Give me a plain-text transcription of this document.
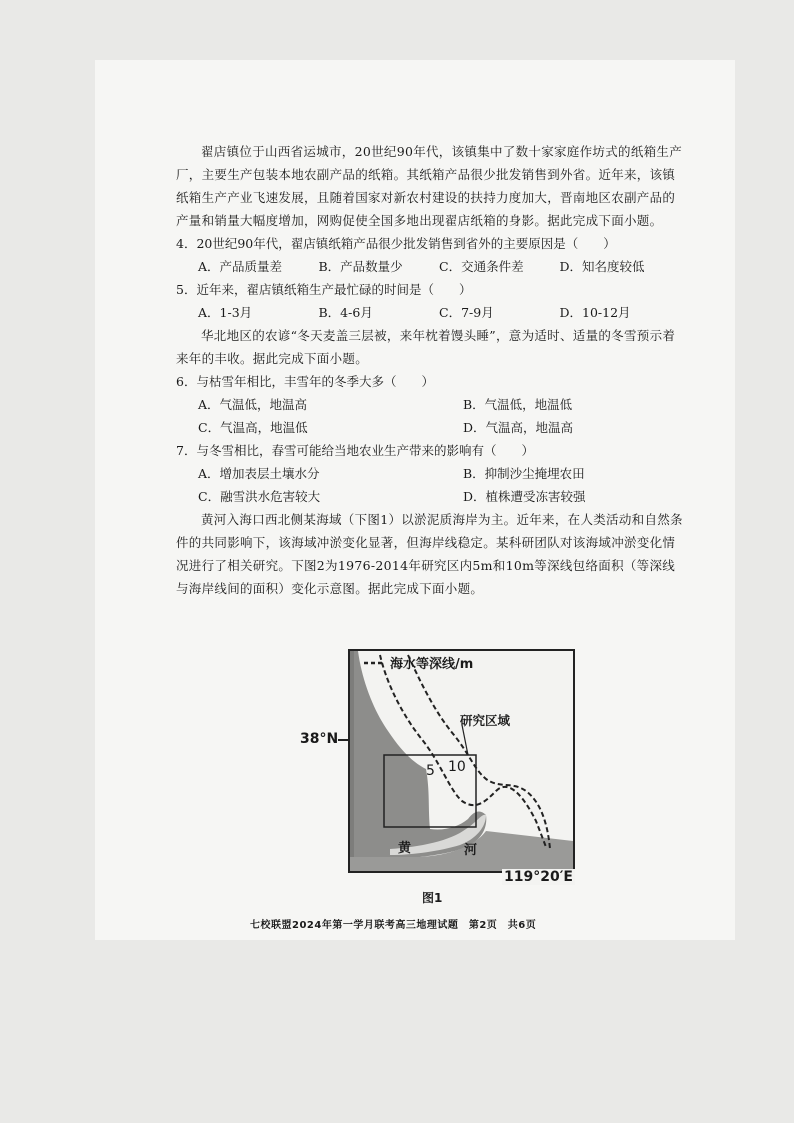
翟店镇位于山西省运城市，20世纪90年代，该镇集中了数十家家庭作坊式的纸箱生产厂，主要生产包装本地农副产品的纸箱。其纸箱产品很少批发销售到外省。近年来，该镇纸箱生产产业飞速发展，且随着国家对新农村建设的扶持力度加大，晋南地区农副产品的产量和销量大幅度增加，网购促使全国多地出现翟店纸箱的身影。据此完成下面小题。

4．20世纪90年代，翟店镇纸箱产品很少批发销售到省外的主要原因是（　　）

A．产品质量差	B．产品数量少	C．交通条件差	D．知名度较低

5．近年来，翟店镇纸箱生产最忙碌的时间是（　　）

A．1-3月	B．4-6月	C．7-9月	D．10-12月

华北地区的农谚“冬天麦盖三层被，来年枕着馒头睡”，意为适时、适量的冬雪预示着来年的丰收。据此完成下面小题。

6．与枯雪年相比，丰雪年的冬季大多（　　）

A．气温低，地温高	B．气温低，地温低
C．气温高，地温低	D．气温高，地温高

7．与冬雪相比，春雪可能给当地农业生产带来的影响有（　　）

A．增加表层土壤水分	B．抑制沙尘掩埋农田
C．融雪洪水危害较大	D．植株遭受冻害较强

黄河入海口西北侧某海域（下图1）以淤泥质海岸为主。近年来，在人类活动和自然条件的共同影响下，该海域冲淤变化显著，但海岸线稳定。某科研团队对该海域冲淤变化情况进行了相关研究。下图2为1976-2014年研究区内5m和10m等深线包络面积（等深线与海岸线间的面积）变化示意图。据此完成下面小题。

38°N
海水等深线/m
研究区域
5 10
黄	河
119°20′E
图1
七校联盟2024年第一学月联考高三地理试题　第2页　共6页
